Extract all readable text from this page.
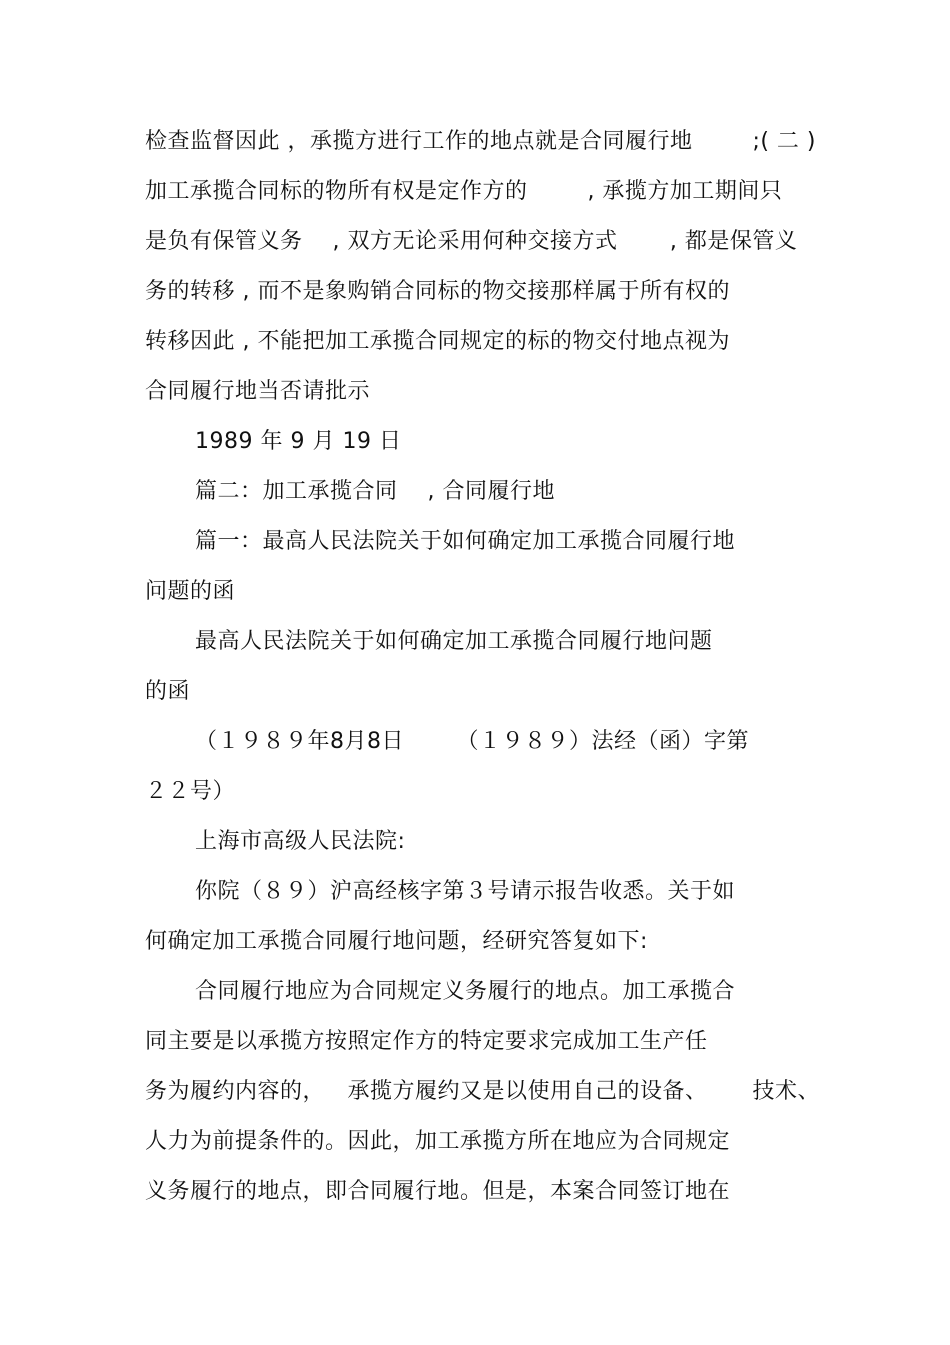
检查监督因此 ，承揽方进行工作的地点就是合同履行地        ;( 二 )
加工承揽合同标的物所有权是定作方的        , 承揽方加工期间只
是负有保管义务    , 双方无论采用何种交接方式       , 都是保管义
务的转移 , 而不是象购销合同标的物交接那样属于所有权的
转移因此 , 不能把加工承揽合同规定的标的物交付地点视为
合同履行地当否请批示
1989 年 9 月 19 日
篇二：加工承揽合同    , 合同履行地
篇一：最高人民法院关于如何确定加工承揽合同履行地
问题的函
最高人民法院关于如何确定加工承揽合同履行地问题
的函
（１９８９年8月8日       （１９８９）法经（函）字第
２２号）
上海市高级人民法院:
你院（８９）沪高经核字第３号请示报告收悉。关于如
何确定加工承揽合同履行地问题，经研究答复如下:
合同履行地应为合同规定义务履行的地点。加工承揽合
同主要是以承揽方按照定作方的特定要求完成加工生产任
务为履约内容的，   承揽方履约又是以使用自己的设备、      技术、
人力为前提条件的。因此，加工承揽方所在地应为合同规定
义务履行的地点，即合同履行地。但是，本案合同签订地在
